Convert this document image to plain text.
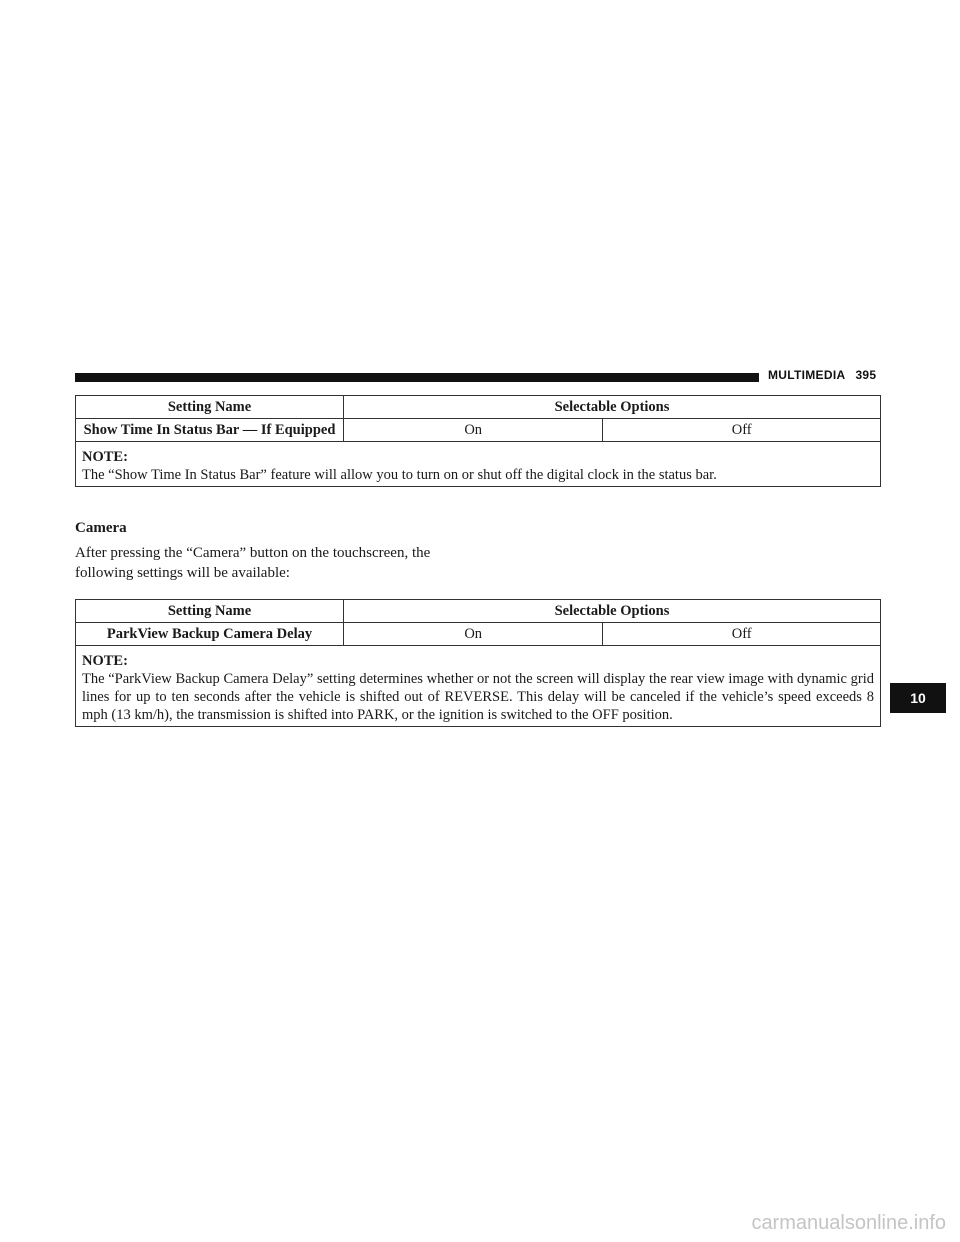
MULTIMEDIA 395
Setting Name	Selectable Options	
Show Time In Status Bar — If Equipped	On	Off

NOTE:
The “Show Time In Status Bar” feature will allow you to turn on or shut off the digital clock in the status bar.		
Camera
After pressing the “Camera” button on the touchscreen, the following settings will be available:
Setting Name	Selectable Options	
ParkView Backup Camera Delay	On	Off

NOTE:
The “ParkView Backup Camera Delay” setting determines whether or not the screen will display the rear view image with dynamic grid lines for up to ten seconds after the vehicle is shifted out of REVERSE. This delay will be canceled if the vehicle’s speed exceeds 8 mph (13 km/h), the transmission is shifted into PARK, or the ignition is switched to the OFF position.		
10
carmanualsonline.info
